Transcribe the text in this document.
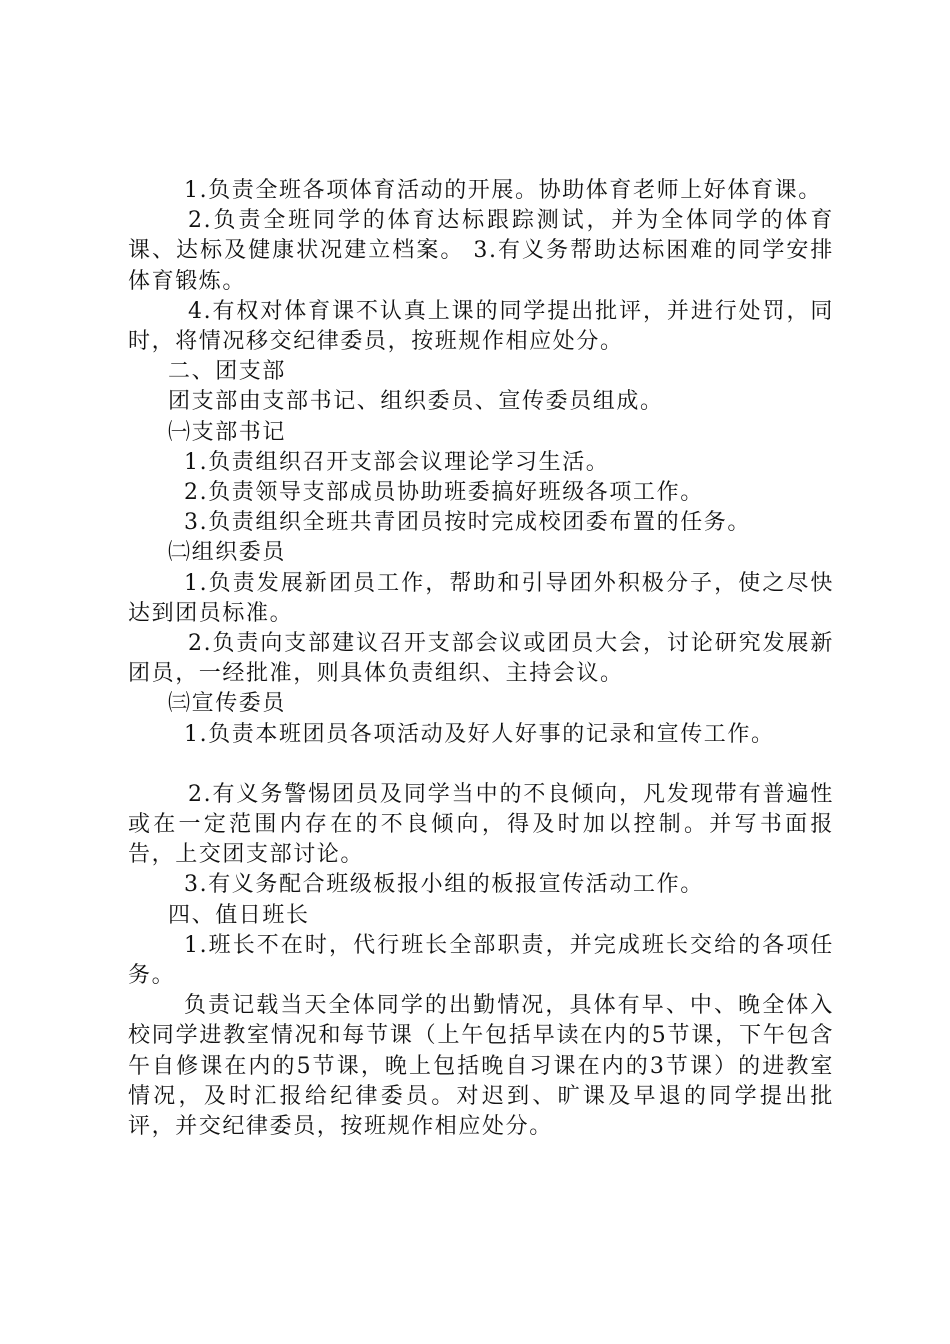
1.负责全班各项体育活动的开展。协助体育老师上好体育课。

2.负责全班同学的体育达标跟踪测试，并为全体同学的体育课、达标及健康状况建立档案。 3.有义务帮助达标困难的同学安排体育锻炼。

4.有权对体育课不认真上课的同学提出批评，并进行处罚，同时，将情况移交纪律委员，按班规作相应处分。

二、团支部

团支部由支部书记、组织委员、宣传委员组成。

㈠支部书记

1.负责组织召开支部会议理论学习生活。

2.负责领导支部成员协助班委搞好班级各项工作。

3.负责组织全班共青团员按时完成校团委布置的任务。

㈡组织委员

1.负责发展新团员工作，帮助和引导团外积极分子，使之尽快达到团员标准。

2.负责向支部建议召开支部会议或团员大会，讨论研究发展新团员，一经批准，则具体负责组织、主持会议。

㈢宣传委员

1.负责本班团员各项活动及好人好事的记录和宣传工作。

2.有义务警惕团员及同学当中的不良倾向，凡发现带有普遍性或在一定范围内存在的不良倾向，得及时加以控制。并写书面报告，上交团支部讨论。

3.有义务配合班级板报小组的板报宣传活动工作。

四、值日班长

1.班长不在时，代行班长全部职责，并完成班长交给的各项任务。

负责记载当天全体同学的出勤情况，具体有早、中、晚全体入校同学进教室情况和每节课（上午包括早读在内的5节课，下午包含午自修课在内的5节课，晚上包括晚自习课在内的3节课）的进教室情况，及时汇报给纪律委员。对迟到、旷课及早退的同学提出批评，并交纪律委员，按班规作相应处分。
